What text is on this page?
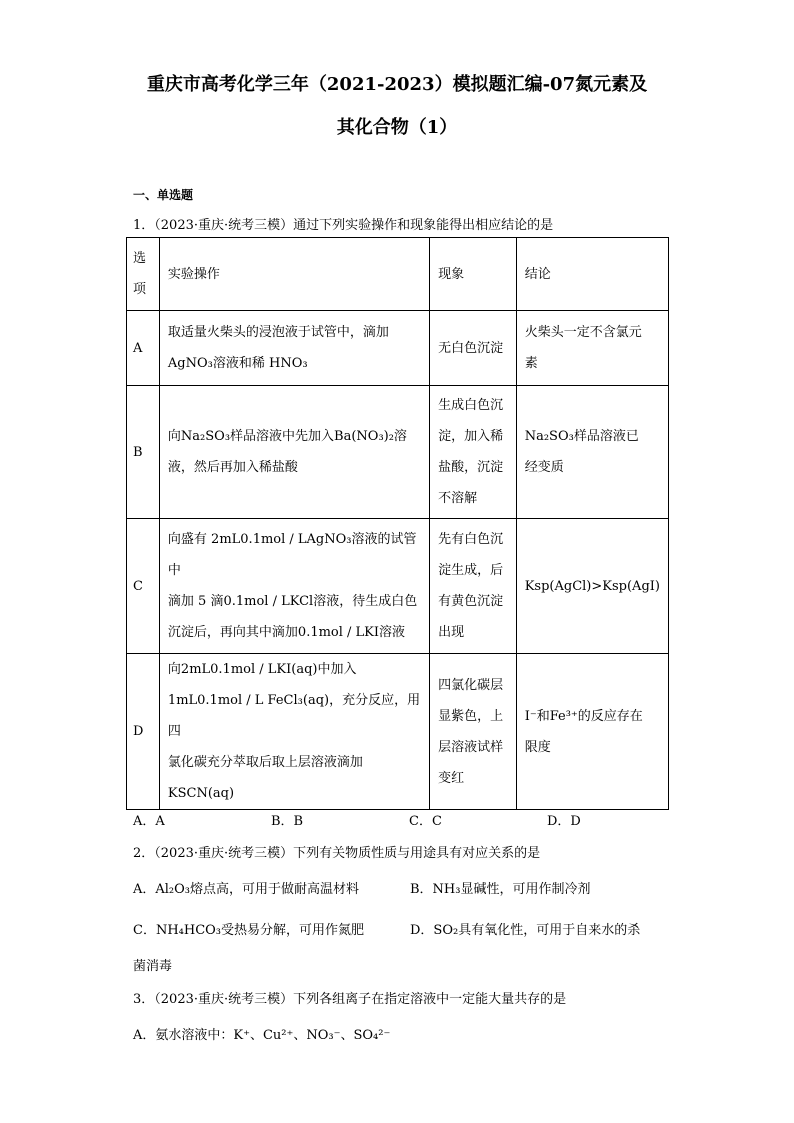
重庆市高考化学三年（2021-2023）模拟题汇编-07氮元素及
其化合物（1）
一、单选题
1．（2023·重庆·统考三模）通过下列实验操作和现象能得出相应结论的是
选
项	实验操作	现象	结论
A	取适量火柴头的浸泡液于试管中，滴加
AgNO₃溶液和稀 HNO₃	无白色沉淀	火柴头一定不含氯元
素

B	向Na₂SO₃样品溶液中先加入Ba(NO₃)₂溶
液，然后再加入稀盐酸	生成白色沉
淀，加入稀
盐酸，沉淀
不溶解	Na₂SO₃样品溶液已
经变质

C	向盛有 2mL0.1mol / LAgNO₃溶液的试管中
滴加 5 滴0.1mol / LKCl溶液，待生成白色
沉淀后，再向其中滴加0.1mol / LKI溶液	先有白色沉
淀生成，后
有黄色沉淀
出现	Ksp(AgCl)>Ksp(AgI)

D	向2mL0.1mol / LKI(aq)中加入
1mL0.1mol / L FeCl₃(aq)，充分反应，用四
氯化碳充分萃取后取上层溶液滴加
KSCN(aq)	四氯化碳层
显紫色，上
层溶液试样
变红	I⁻和Fe³⁺的反应存在
限度
A．A	B．B	C．C	D．D
2．（2023·重庆·统考三模）下列有关物质性质与用途具有对应关系的是
A．Al₂O₃熔点高，可用于做耐高温材料	B．NH₃显碱性，可用作制冷剂
C．NH₄HCO₃受热易分解，可用作氮肥	D．SO₂具有氧化性，可用于自来水的杀
菌消毒
3．（2023·重庆·统考三模）下列各组离子在指定溶液中一定能大量共存的是
A．氨水溶液中：K⁺、Cu²⁺、NO₃⁻、SO₄²⁻
